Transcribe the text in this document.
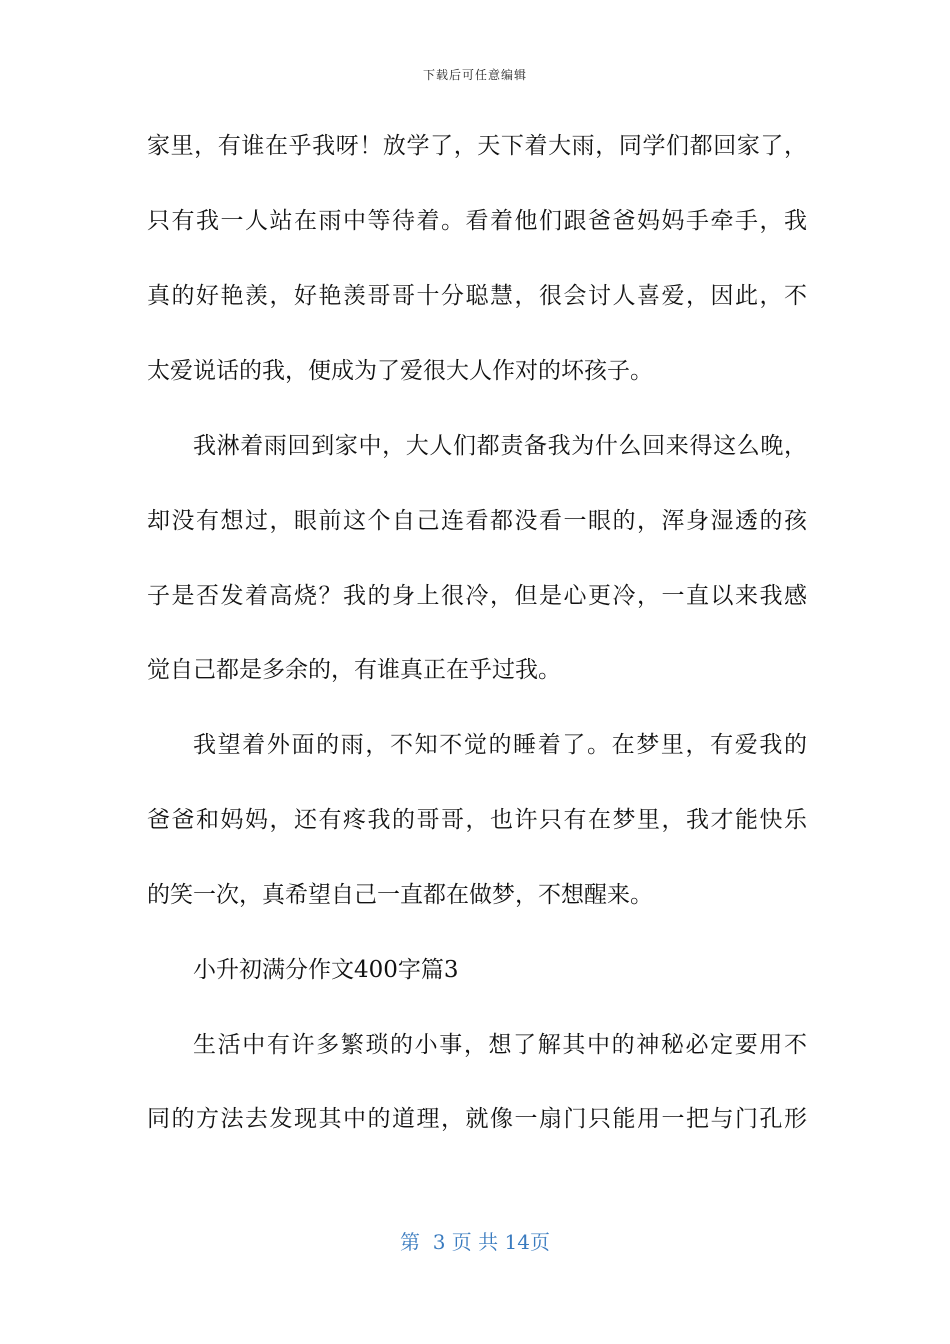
下载后可任意编辑
家里，有谁在乎我呀！放学了，天下着大雨，同学们都回家了，
只有我一人站在雨中等待着。看着他们跟爸爸妈妈手牵手，我
真的好艳羡，好艳羡哥哥十分聪慧，很会讨人喜爱，因此，不
太爱说话的我，便成为了爱很大人作对的坏孩子。
我淋着雨回到家中，大人们都责备我为什么回来得这么晚，
却没有想过，眼前这个自己连看都没看一眼的，浑身湿透的孩
子是否发着高烧？我的身上很冷，但是心更冷，一直以来我感
觉自己都是多余的，有谁真正在乎过我。
我望着外面的雨，不知不觉的睡着了。在梦里，有爱我的
爸爸和妈妈，还有疼我的哥哥，也许只有在梦里，我才能快乐
的笑一次，真希望自己一直都在做梦，不想醒来。
小升初满分作文400字篇3
生活中有许多繁琐的小事，想了解其中的神秘必定要用不
同的方法去发现其中的道理，就像一扇门只能用一把与门孔形
第  3 页 共 14页
